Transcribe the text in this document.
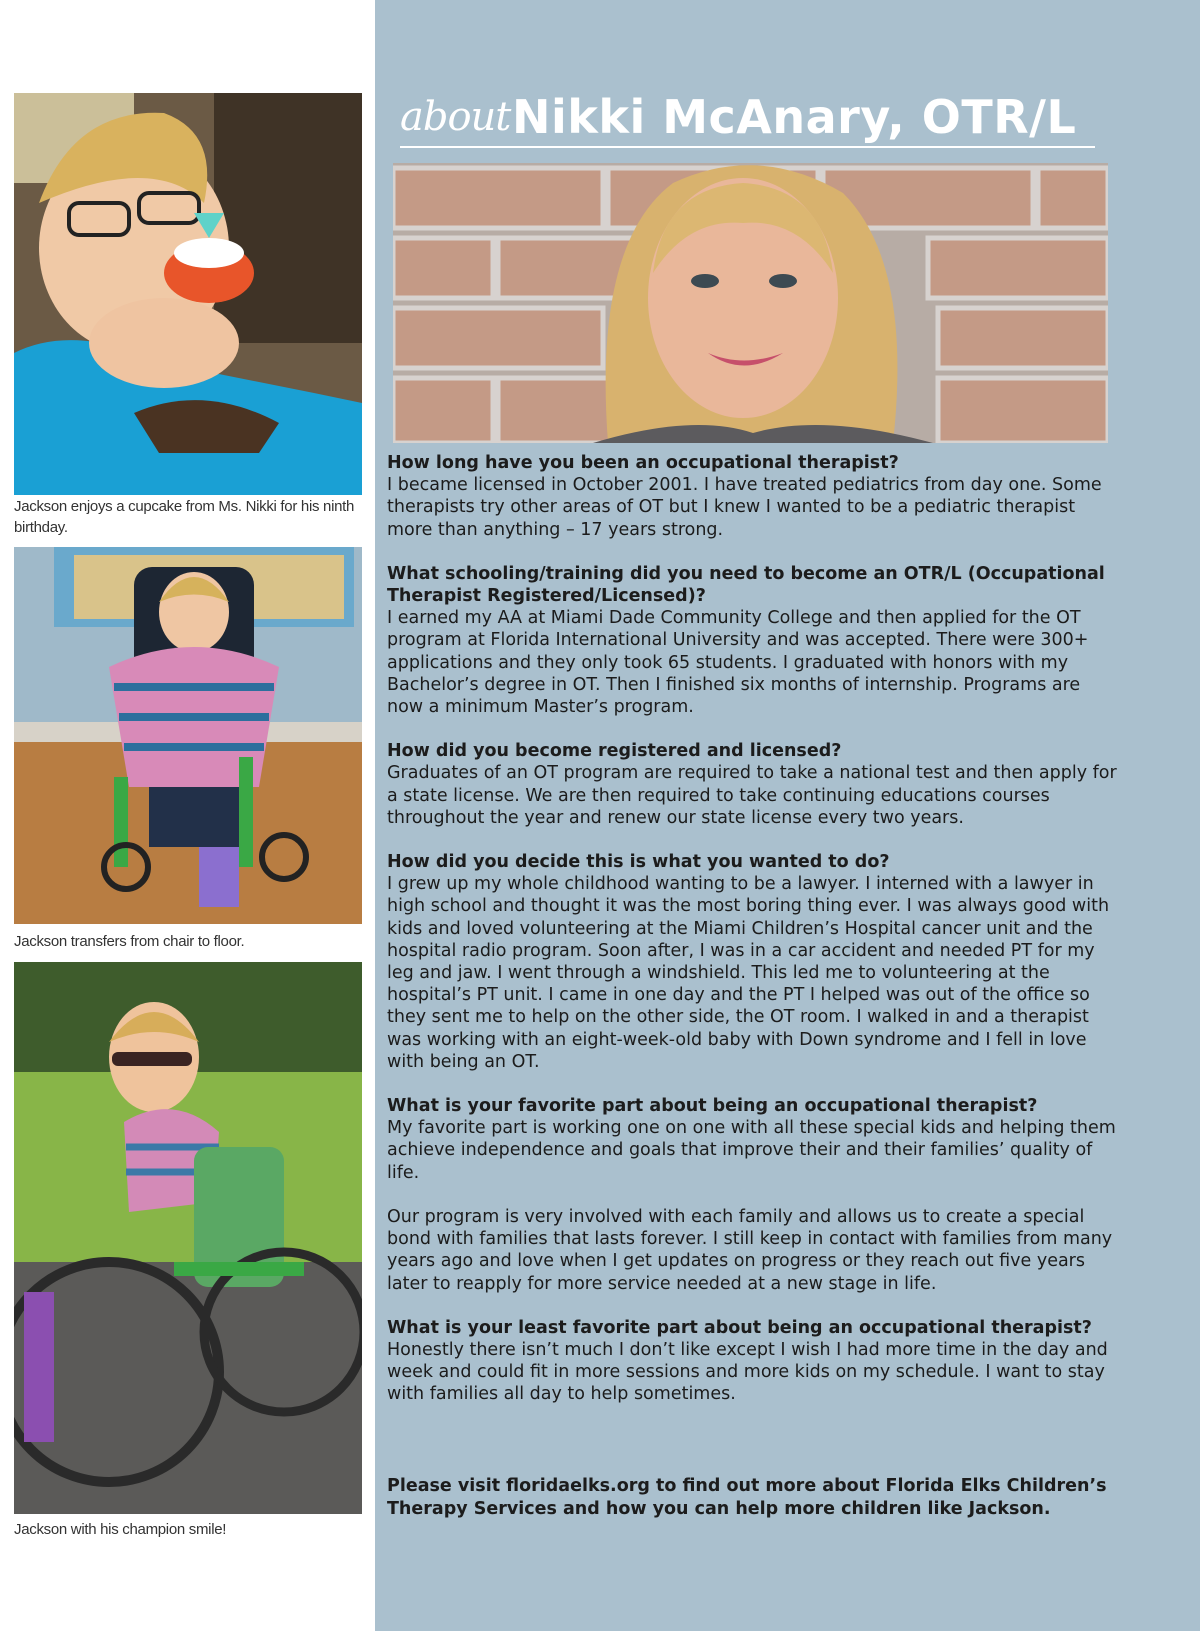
Jackson enjoys a cupcake from Ms. Nikki for his ninth birthday.
Jackson transfers from chair to floor.
Jackson with his champion smile!
about Nikki McAnary, OTR/L
How long have you been an occupational therapist?
I became licensed in October 2001. I have treated pediatrics from day one. Some therapists try other areas of OT but I knew I wanted to be a pediatric therapist more than anything – 17 years strong.
What schooling/training did you need to become an OTR/L (Occupational Therapist Registered/Licensed)?
I earned my AA at Miami Dade Community College and then applied for the OT program at Florida International University and was accepted. There were 300+ applications and they only took 65 students. I graduated with honors with my Bachelor’s degree in OT. Then I finished six months of internship. Programs are now a minimum Master’s program.
How did you become registered and licensed?
Graduates of an OT program are required to take a national test and then apply for a state license. We are then required to take continuing educations courses throughout the year and renew our state license every two years.
How did you decide this is what you wanted to do?
I grew up my whole childhood wanting to be a lawyer. I interned with a lawyer in high school and thought it was the most boring thing ever. I was always good with kids and loved volunteering at the Miami Children’s Hospital cancer unit and the hospital radio program. Soon after, I was in a car accident and needed PT for my leg and jaw. I went through a windshield. This led me to volunteering at the hospital’s PT unit. I came in one day and the PT I helped was out of the office so they sent me to help on the other side, the OT room. I walked in and a therapist was working with an eight-week-old baby with Down syndrome and I fell in love with being an OT.
What is your favorite part about being an occupational therapist?
My favorite part is working one on one with all these special kids and helping them achieve independence and goals that improve their and their families’ quality of life.
Our program is very involved with each family and allows us to create a special bond with families that lasts forever. I still keep in contact with families from many years ago and love when I get updates on progress or they reach out five years later to reapply for more service needed at a new stage in life.
What is your least favorite part about being an occupational therapist?
Honestly there isn’t much I don’t like except I wish I had more time in the day and week and could fit in more sessions and more kids on my schedule. I want to stay with families all day to help sometimes.
Please visit floridaelks.org to find out more about Florida Elks Children’s Therapy Services and how you can help more children like Jackson.
